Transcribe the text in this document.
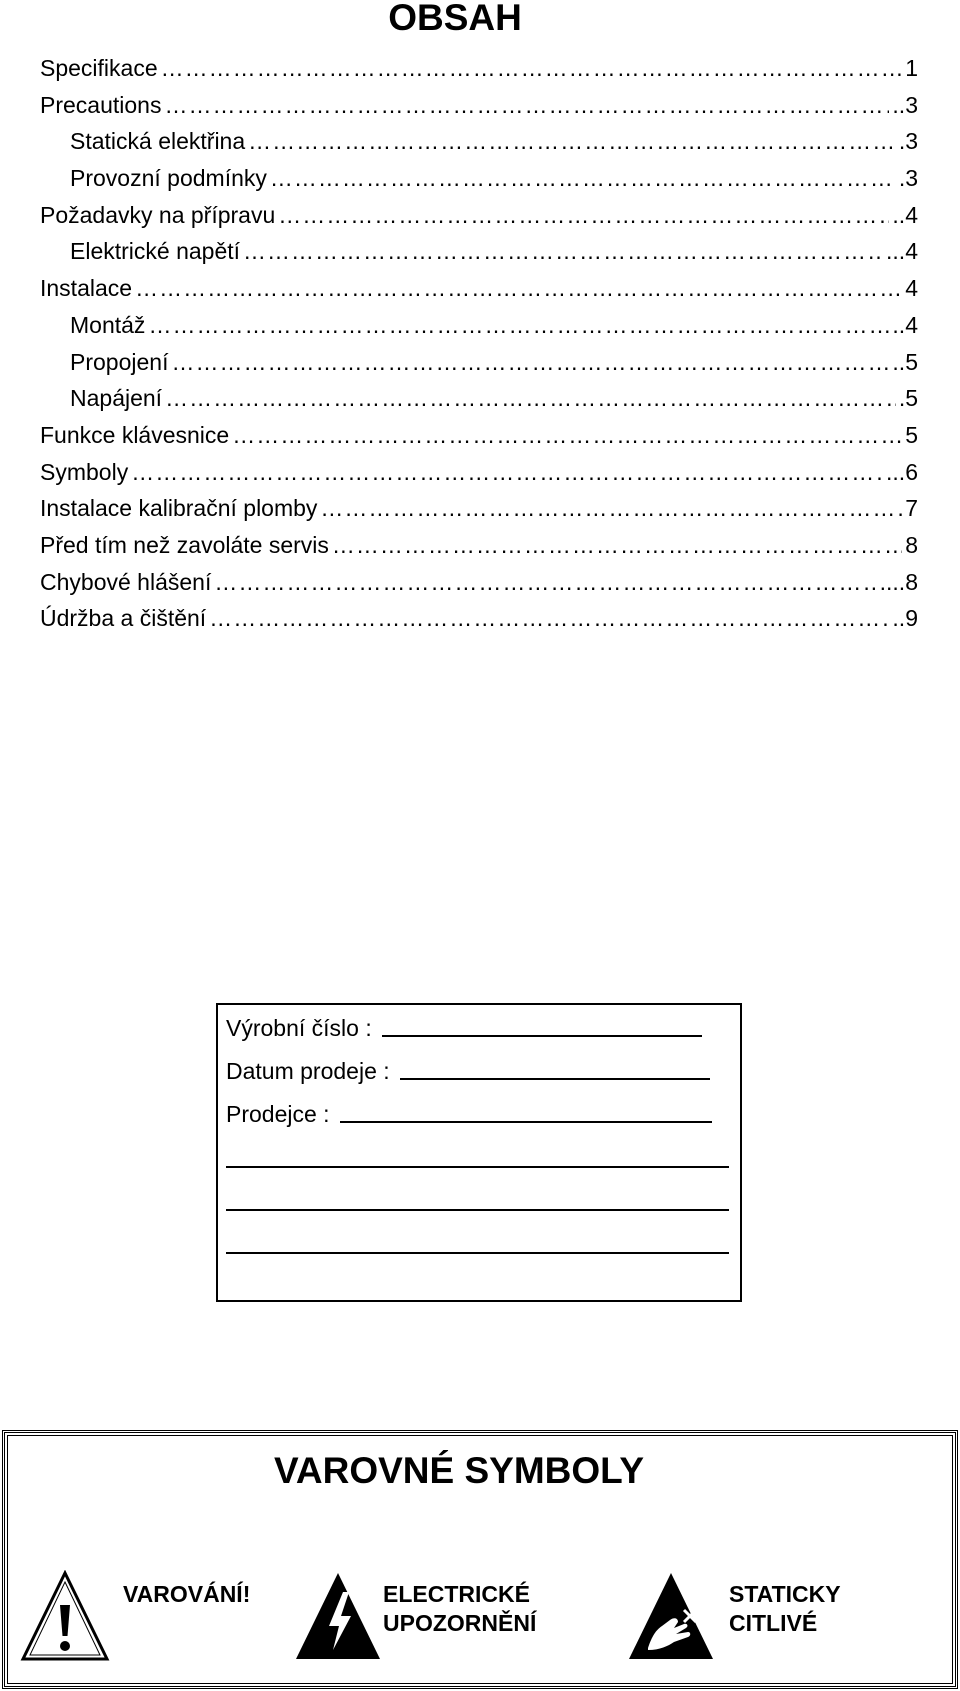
OBSAH
Specifikace ………………………………………………………………………………………………………………………………………………………………	1
Precautions ………………………………………………………………………………………………………………………………………………………………	..3
Statická elektřina ………………………………………………………………………………………………………………………………………………………………	.3
Provozní podmínky ………………………………………………………………………………………………………………………………………………………………	.3
Požadavky na přípravu ………………………………………………………………………………………………………………………………………………………………	..4
Elektrické napětí ………………………………………………………………………………………………………………………………………………………………	...4
Instalace ………………………………………………………………………………………………………………………………………………………………	4
Montáž ………………………………………………………………………………………………………………………………………………………………	..4
Propojení ………………………………………………………………………………………………………………………………………………………………	..5
Napájení ………………………………………………………………………………………………………………………………………………………………	.5
Funkce klávesnice ………………………………………………………………………………………………………………………………………………………………	5
Symboly ………………………………………………………………………………………………………………………………………………………………	...6
Instalace kalibrační plomby ………………………………………………………………………………………………………………………………………………………………	7
Před tím než zavoláte servis ………………………………………………………………………………………………………………………………………………………………	8
Chybové hlášení ………………………………………………………………………………………………………………………………………………………………	....8
Údržba a čištění ………………………………………………………………………………………………………………………………………………………………	..9
Výrobní číslo :
Datum prodeje :
Prodejce :
VAROVNÉ SYMBOLY
VAROVÁNÍ!	ELECTRICKÉ
UPOZORNĚNÍ
STATICKY
CITLIVÉ
